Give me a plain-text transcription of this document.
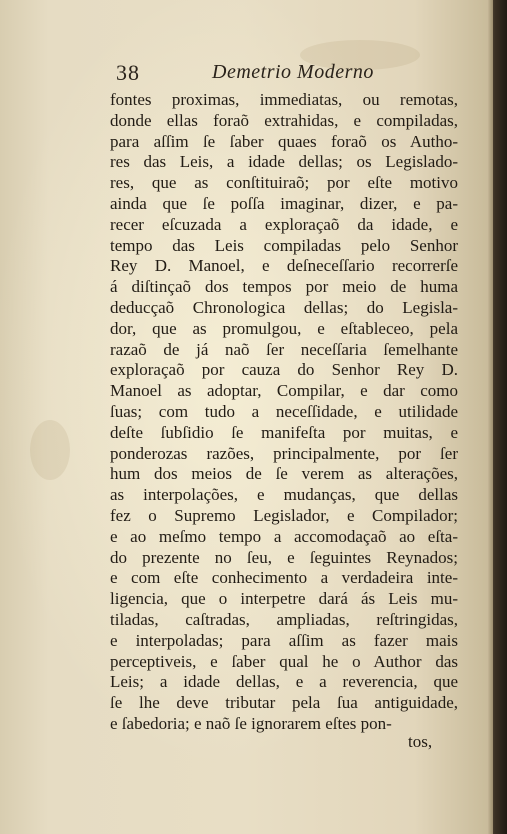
38	Demetrio Moderno
fontes proximas, immediatas, ou remotas,
donde ellas foraõ extrahidas, e compiladas,
para aſſim ſe ſaber quaes foraõ os Autho-
res das Leis, a idade dellas; os Legislado-
res, que as conſtituiraõ; por eſte motivo
ainda que ſe poſſa imaginar, dizer, e pa-
recer eſcuzada a exploraçaõ da idade, e
tempo das Leis compiladas pelo Senhor
Rey D. Manoel, e deſneceſſario recorrerſe
á diſtinçaõ dos tempos por meio de huma
deducçaõ Chronologica dellas; do Legisla-
dor, que as promulgou, e eſtableceo, pela
razaõ de já naõ ſer neceſſaria ſemelhante
exploraçaõ por cauza do Senhor Rey D.
Manoel as adoptar, Compilar, e dar como
ſuas; com tudo a neceſſidade, e utilidade
deſte ſubſidio ſe manifeſta por muitas, e
ponderozas razões, principalmente, por ſer
hum dos meios de ſe verem as alterações,
as interpolações, e mudanças, que dellas
fez o Supremo Legislador, e Compilador;
e ao meſmo tempo a accomodaçaõ ao eſta-
do prezente no ſeu, e ſeguintes Reynados;
e com eſte conhecimento a verdadeira inte-
ligencia, que o interpetre dará ás Leis mu-
tiladas, caſtradas, ampliadas, reſtringidas,
e interpoladas; para aſſim as fazer mais
perceptiveis, e ſaber qual he o Author das
Leis; a idade dellas, e a reverencia, que
ſe lhe deve tributar pela ſua antiguidade,
e ſabedoria; e naõ ſe ignorarem eſtes pon-
tos,
